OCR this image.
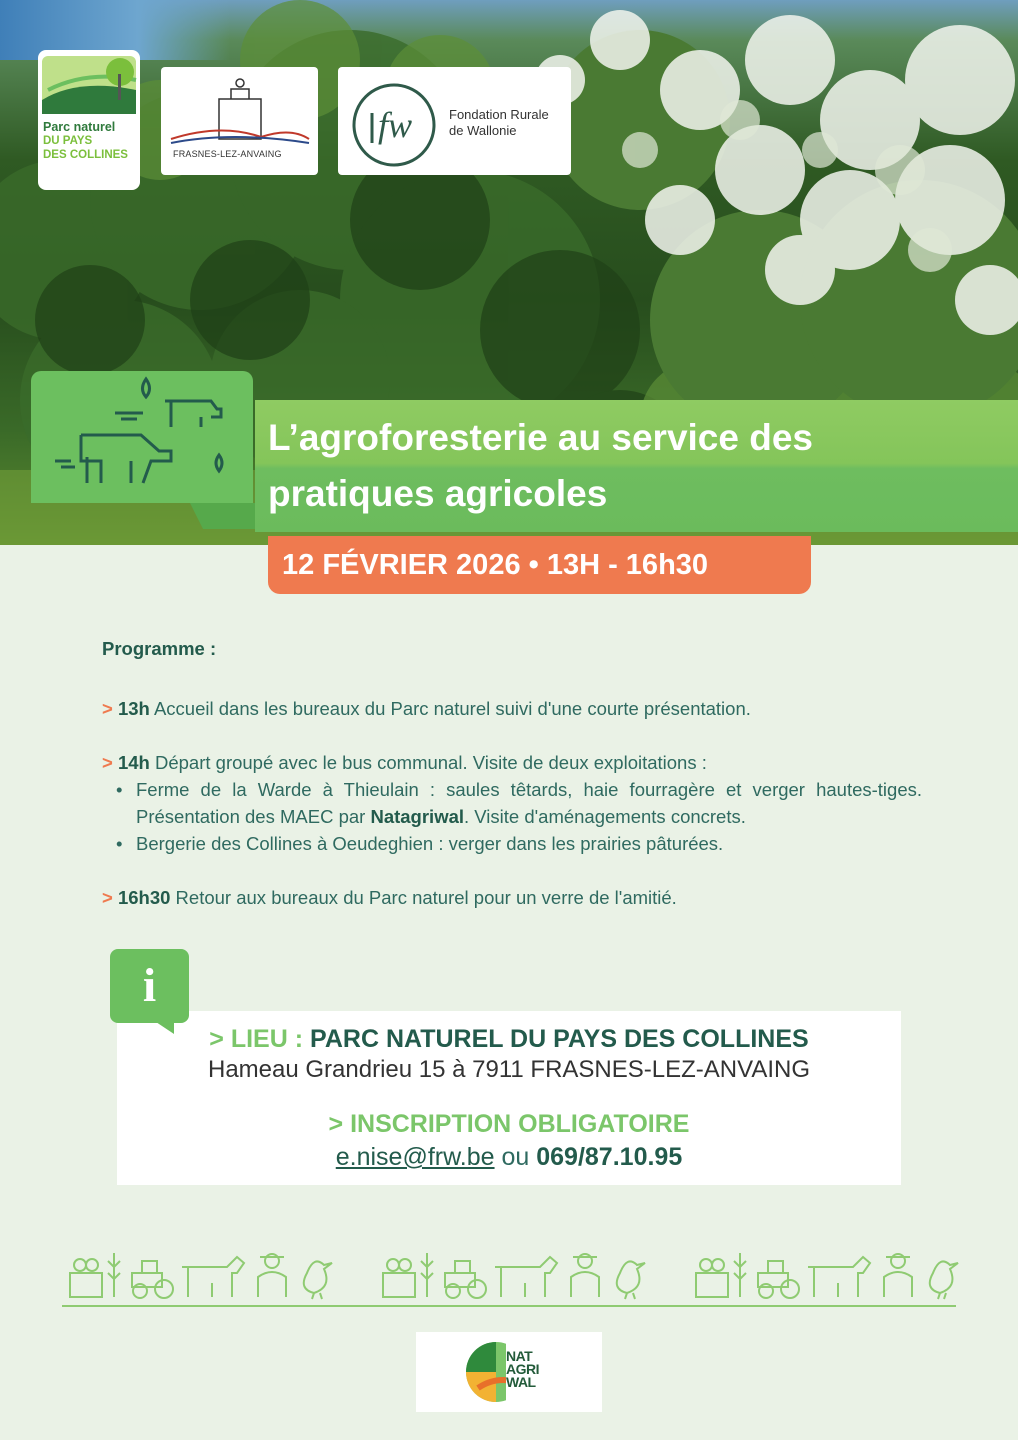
Parc naturel
DU PAYS
DES COLLINES	FRASNES-LEZ-ANVAING
fw	Fondation Rurale
de Wallonie
L’agroforesterie au service des pratiques agricoles
12 FÉVRIER 2026 • 13H - 16h30
Programme :
> 13h Accueil dans les bureaux du Parc naturel suivi d'une courte présentation.
> 14h Départ groupé avec le bus communal. Visite de deux exploitations :
• Ferme de la Warde à Thieulain : saules têtards, haie fourragère et verger hautes-tiges. Présentation des MAEC par Natagriwal. Visite d'aménagements concrets.
• Bergerie des Collines à Oeudeghien : verger dans les prairies pâturées.
> 16h30 Retour aux bureaux du Parc naturel pour un verre de l'amitié.
> LIEU : PARC NATUREL DU PAYS DES COLLINES
Hameau Grandrieu 15 à 7911 FRASNES-LEZ-ANVAING
> INSCRIPTION OBLIGATOIRE
e.nise@frw.be ou 069/87.10.95
i
NAT
AGRI
WAL
